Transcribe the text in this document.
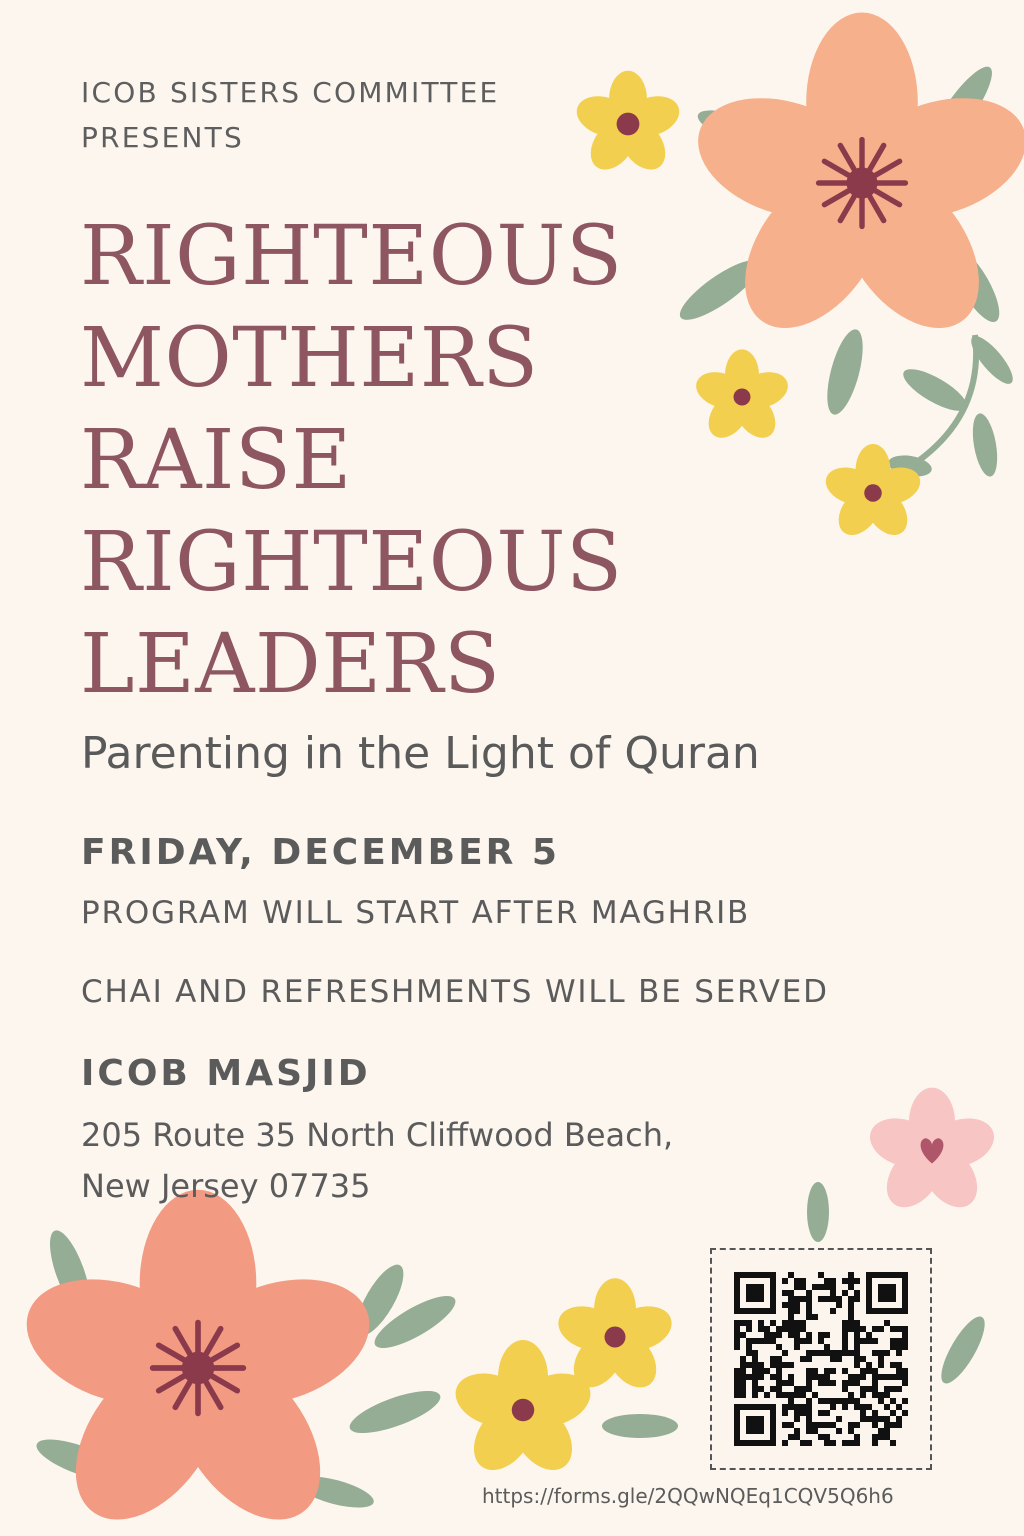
ICOB SISTERS COMMITTEE
PRESENTS

RIGHTEOUS
MOTHERS
RAISE
RIGHTEOUS
LEADERS

Parenting in the Light of Quran

FRIDAY, DECEMBER 5

PROGRAM WILL START AFTER MAGHRIB

CHAI AND REFRESHMENTS WILL BE SERVED

ICOB MASJID

205 Route 35 North Cliffwood Beach,
New Jersey 07735

https://forms.gle/2QQwNQEq1CQV5Q6h6
